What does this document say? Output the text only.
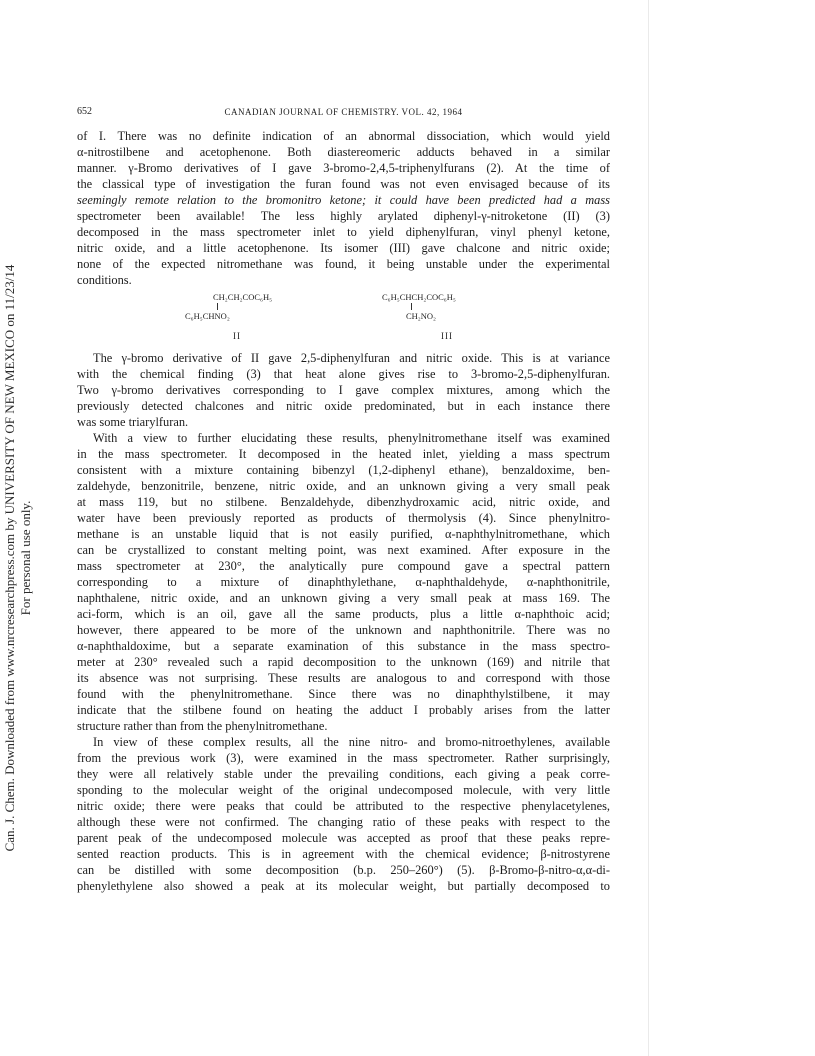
Can. J. Chem. Downloaded from www.nrcresearchpress.com by UNIVERSITY OF NEW MEXICO on 11/23/14 For personal use only.
652	CANADIAN JOURNAL OF CHEMISTRY. VOL. 42, 1964
of I. There was no definite indication of an abnormal dissociation, which would yield
α-nitrostilbene and acetophenone. Both diastereomeric adducts behaved in a similar
manner. γ-Bromo derivatives of I gave 3-bromo-2,4,5-triphenylfurans (2). At the time of
the classical type of investigation the furan found was not even envisaged because of its
seemingly remote relation to the bromonitro ketone; it could have been predicted had a mass
spectrometer been available! The less highly arylated diphenyl-γ-nitroketone (II) (3)
decomposed in the mass spectrometer inlet to yield diphenylfuran, vinyl phenyl ketone,
nitric oxide, and a little acetophenone. Its isomer (III) gave chalcone and nitric oxide;
none of the expected nitromethane was found, it being unstable under the experimental
conditions.
CH₂CH₂COC₆H₅
C₆H₅CHNO₂
II
C₆H₅CHCH₂COC₆H₅
CH₂NO₂
III
The γ-bromo derivative of II gave 2,5-diphenylfuran and nitric oxide. This is at variance
with the chemical finding (3) that heat alone gives rise to 3-bromo-2,5-diphenylfuran.
Two γ-bromo derivatives corresponding to I gave complex mixtures, among which the
previously detected chalcones and nitric oxide predominated, but in each instance there
was some triarylfuran.
With a view to further elucidating these results, phenylnitromethane itself was examined
in the mass spectrometer. It decomposed in the heated inlet, yielding a mass spectrum
consistent with a mixture containing bibenzyl (1,2-diphenyl ethane), benzaldoxime, ben-
zaldehyde, benzonitrile, benzene, nitric oxide, and an unknown giving a very small peak
at mass 119, but no stilbene. Benzaldehyde, dibenzhydroxamic acid, nitric oxide, and
water have been previously reported as products of thermolysis (4). Since phenylnitro-
methane is an unstable liquid that is not easily purified, α-naphthylnitromethane, which
can be crystallized to constant melting point, was next examined. After exposure in the
mass spectrometer at 230°, the analytically pure compound gave a spectral pattern
corresponding to a mixture of dinaphthylethane, α-naphthaldehyde, α-naphthonitrile,
naphthalene, nitric oxide, and an unknown giving a very small peak at mass 169. The
aci-form, which is an oil, gave all the same products, plus a little α-naphthoic acid;
however, there appeared to be more of the unknown and naphthonitrile. There was no
α-naphthaldoxime, but a separate examination of this substance in the mass spectro-
meter at 230° revealed such a rapid decomposition to the unknown (169) and nitrile that
its absence was not surprising. These results are analogous to and correspond with those
found with the phenylnitromethane. Since there was no dinaphthylstilbene, it may
indicate that the stilbene found on heating the adduct I probably arises from the latter
structure rather than from the phenylnitromethane.
In view of these complex results, all the nine nitro- and bromo-nitroethylenes, available
from the previous work (3), were examined in the mass spectrometer. Rather surprisingly,
they were all relatively stable under the prevailing conditions, each giving a peak corre-
sponding to the molecular weight of the original undecomposed molecule, with very little
nitric oxide; there were peaks that could be attributed to the respective phenylacetylenes,
although these were not confirmed. The changing ratio of these peaks with respect to the
parent peak of the undecomposed molecule was accepted as proof that these peaks repre-
sented reaction products. This is in agreement with the chemical evidence; β-nitrostyrene
can be distilled with some decomposition (b.p. 250–260°) (5). β-Bromo-β-nitro-α,α-di-
phenylethylene also showed a peak at its molecular weight, but partially decomposed to
